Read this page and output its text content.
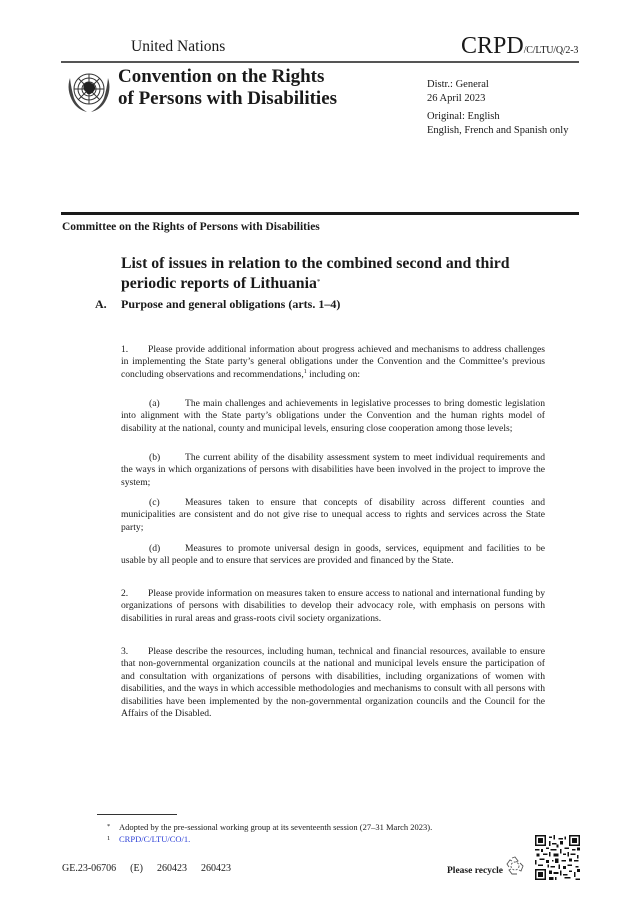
United Nations	CRPD/C/LTU/Q/2-3
Convention on the Rights
of Persons with Disabilities
Distr.: General
26 April 2023
Original: English
English, French and Spanish only
Committee on the Rights of Persons with Disabilities
List of issues in relation to the combined second and third
periodic reports of Lithuania*
A. Purpose and general obligations (arts. 1–4)

1. Please provide additional information about progress achieved and mechanisms to address challenges in implementing the State party’s general obligations under the Convention and the Committee’s previous concluding observations and recommendations,$^1$ including on:

(a)	The main challenges and achievements in legislative processes to bring domestic legislation into alignment with the State party’s obligations under the Convention and the human rights model of disability at the national, county and municipal levels, ensuring close cooperation among those levels;

(b)	The current ability of the disability assessment system to meet individual requirements and the ways in which organizations of persons with disabilities have been involved in the project to improve the system;

(c)	Measures taken to ensure that concepts of disability across different counties and municipalities are consistent and do not give rise to unequal access to rights and services across the State party;

(d)	Measures to promote universal design in goods, services, equipment and facilities to be usable by all people and to ensure that services are provided and financed by the State.

2. Please provide information on measures taken to ensure access to national and international funding by organizations of persons with disabilities to develop their advocacy role, with emphasis on persons with disabilities in rural areas and grass-roots civil society organizations.

3. Please describe the resources, including human, technical and financial resources, available to ensure that non-governmental organization councils at the national and municipal levels ensure the participation of and consultation with organizations of persons with disabilities, including organizations of women with disabilities, and the ways in which accessible methodologies and mechanisms to consult with all persons with disabilities have been implemented by the non-governmental organization councils and the Council for the Affairs of the Disabled.

* Adopted by the pre-sessional working group at its seventeenth session (27–31 March 2023).
1 CRPD/C/LTU/CO/1.
GE.23-06706 (E) 260423 260423	Please recycle
